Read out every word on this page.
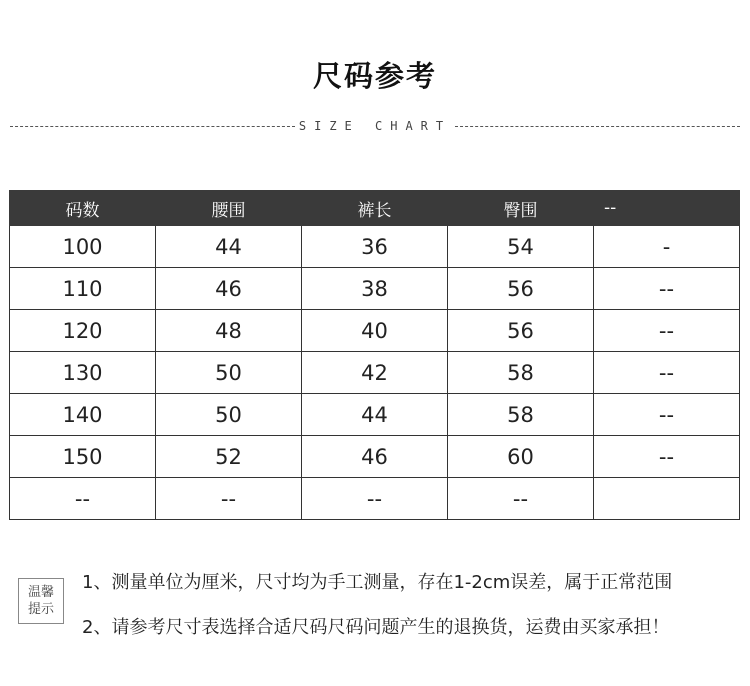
尺码参考
SIZE CHART
码数	腰围	裤长	臀围	--
100	44	36	54	-
110	46	38	56	--
120	48	40	56	--
130	50	42	58	--
140	50	44	58	--
150	52	46	60	--
--	--	--	--	
温馨
提示
1、测量单位为厘米，尺寸均为手工测量，存在1-2cm误差，属于正常范围
2、请参考尺寸表选择合适尺码尺码问题产生的退换货，运费由买家承担！
